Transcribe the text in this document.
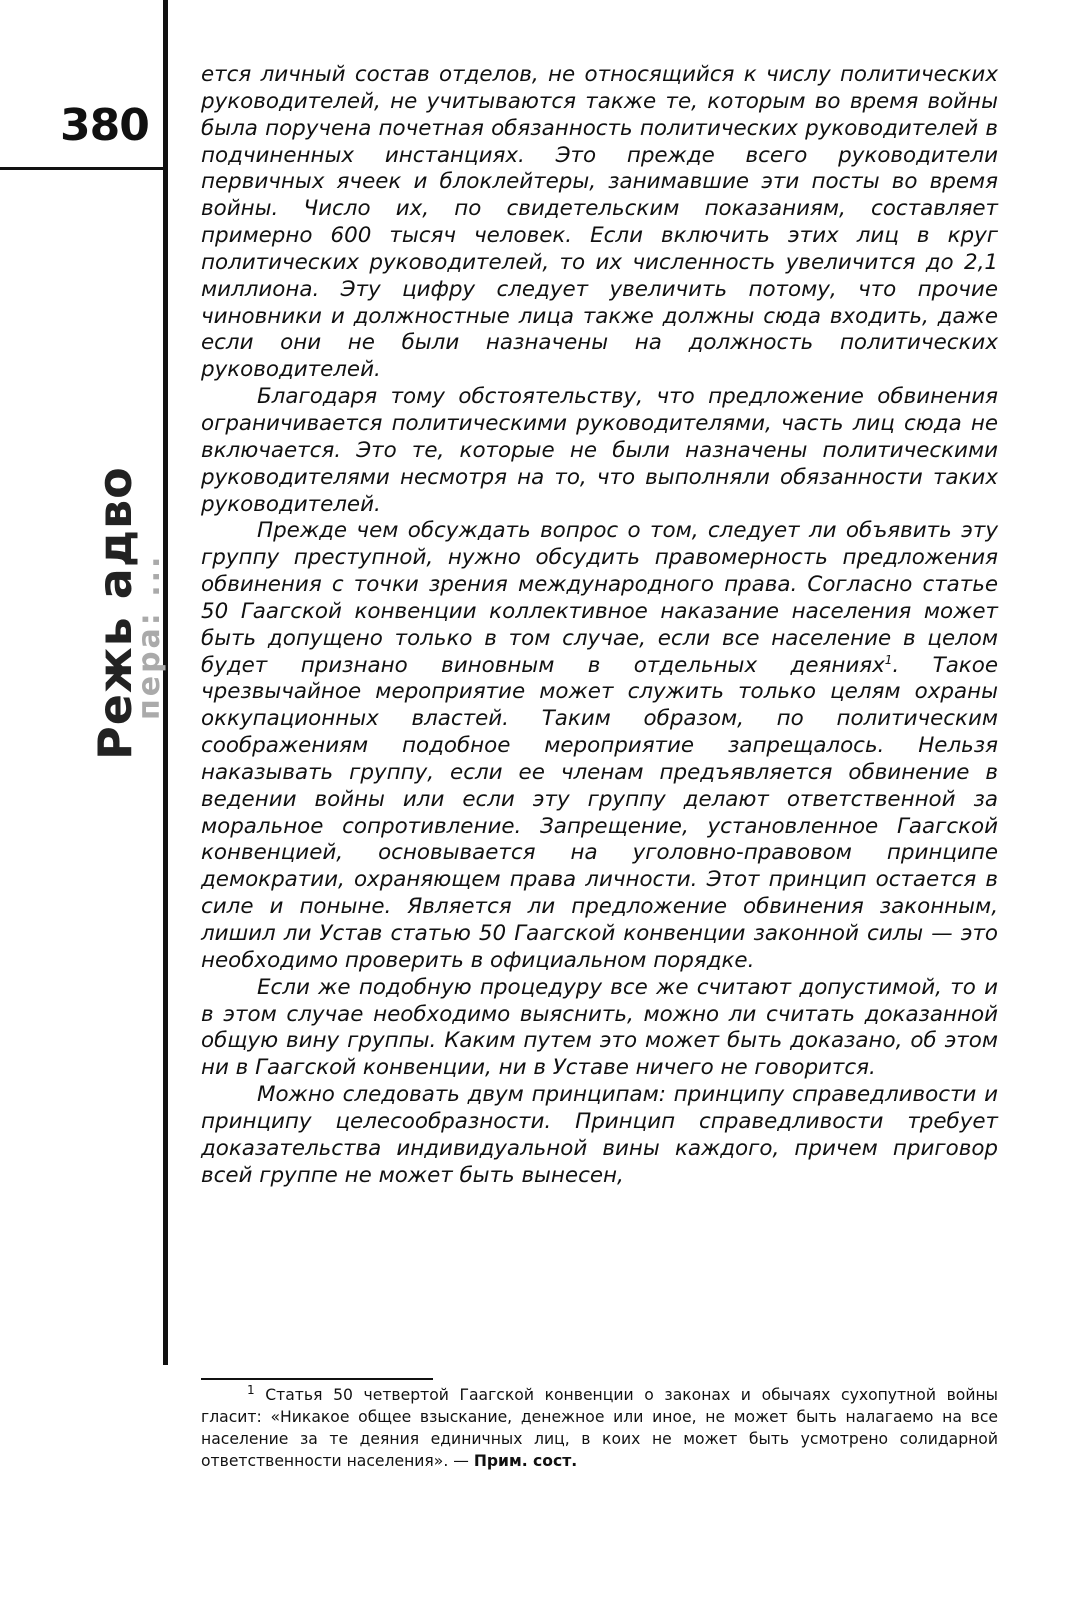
380
Режь адво
пера: ...

ется личный состав отделов, не относящийся к числу политических руководителей, не учитываются также те, которым во время войны была поручена почетная обязанность политических руководителей в подчиненных инстанциях. Это прежде всего руководители первичных ячеек и блоклейтеры, занимавшие эти посты во время войны. Число их, по свидетельским показаниям, составляет примерно 600 тысяч человек. Если включить этих лиц в круг политических руководителей, то их численность увеличится до 2,1 миллиона. Эту цифру следует увеличить потому, что прочие чиновники и должностные лица также должны сюда входить, даже если они не были назначены на должность политических руководителей.

Благодаря тому обстоятельству, что предложение обвинения ограничивается политическими руководителями, часть лиц сюда не включается. Это те, которые не были назначены политическими руководителями несмотря на то, что выполняли обязанности таких руководителей.

Прежде чем обсуждать вопрос о том, следует ли объявить эту группу преступной, нужно обсудить правомерность предложения обвинения с точки зрения международного права. Согласно статье 50 Гаагской конвенции коллективное наказание населения может быть допущено только в том случае, если все население в целом будет признано виновным в отдельных деяниях$^1$. Такое чрезвычайное мероприятие может служить только целям охраны оккупационных властей. Таким образом, по политическим соображениям подобное мероприятие запрещалось. Нельзя наказывать группу, если ее членам предъявляется обвинение в ведении войны или если эту группу делают ответственной за моральное сопротивление. Запрещение, установленное Гаагской конвенцией, основывается на уголовно-правовом принципе демократии, охраняющем права личности. Этот принцип остается в силе и поныне. Является ли предложение обвинения законным, лишил ли Устав статью 50 Гаагской конвенции законной силы — это необходимо проверить в официальном порядке.

Если же подобную процедуру все же считают допустимой, то и в этом случае необходимо выяснить, можно ли считать доказанной общую вину группы. Каким путем это может быть доказано, об этом ни в Гаагской конвенции, ни в Уставе ничего не говорится.

Можно следовать двум принципам: принципу справедливости и принципу целесообразности. Принцип справедливости требует доказательства индивидуальной вины каждого, причем приговор всей группе не может быть вынесен,

$^1$ Статья 50 четвертой Гаагской конвенции о законах и обычаях сухопутной войны гласит: «Никакое общее взыскание, денежное или иное, не может быть налагаемо на все население за те деяния единичных лиц, в коих не может быть усмотрено солидарной ответственности населения». — Прим. сост.
